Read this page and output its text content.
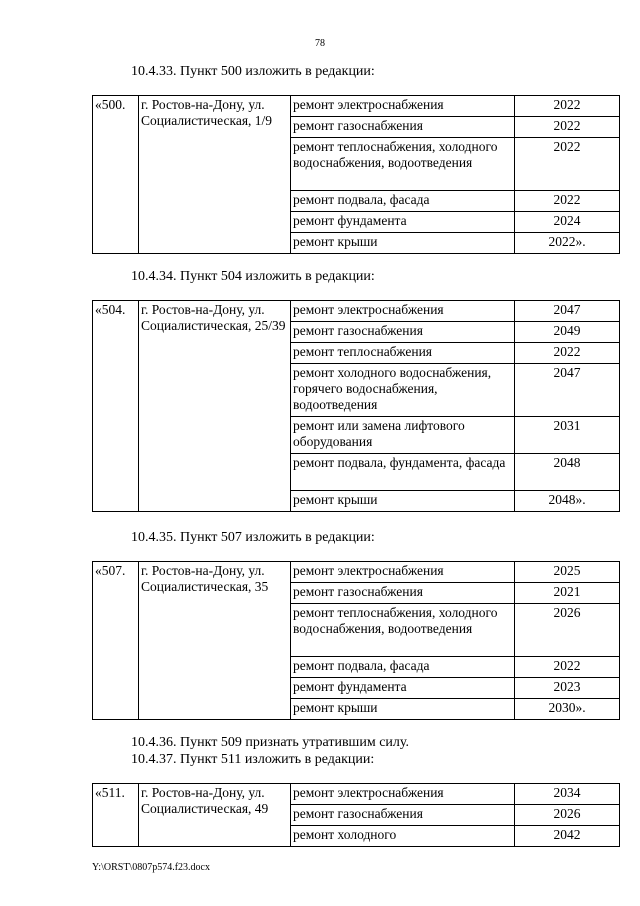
78
10.4.33. Пункт 500 изложить в редакции:
«500.	г. Ростов-на-Дону, ул. Социалистическая, 1/9	ремонт электроснабжения	2022
		ремонт газоснабжения	2022
		ремонт теплоснабжения, холодного водоснабжения, водоотведения	2022
		ремонт подвала, фасада	2022
		ремонт фундамента	2024
		ремонт крыши	2022».
10.4.34. Пункт 504 изложить в редакции:
«504.	г. Ростов-на-Дону, ул. Социалистическая, 25/39	ремонт электроснабжения	2047
		ремонт газоснабжения	2049
		ремонт теплоснабжения	2022
		ремонт холодного водоснабжения, горячего водоснабжения, водоотведения	2047
		ремонт или замена лифтового оборудования	2031
		ремонт подвала, фундамента, фасада	2048
		ремонт крыши	2048».
10.4.35. Пункт 507 изложить в редакции:
«507.	г. Ростов-на-Дону, ул. Социалистическая, 35	ремонт электроснабжения	2025
		ремонт газоснабжения	2021
		ремонт теплоснабжения, холодного водоснабжения, водоотведения	2026
		ремонт подвала, фасада	2022
		ремонт фундамента	2023
		ремонт крыши	2030».
10.4.36. Пункт 509 признать утратившим силу.
10.4.37. Пункт 511 изложить в редакции:
«511.	г. Ростов-на-Дону, ул. Социалистическая, 49	ремонт электроснабжения	2034
		ремонт газоснабжения	2026
		ремонт холодного	2042
Y:\ORST\0807p574.f23.docx
